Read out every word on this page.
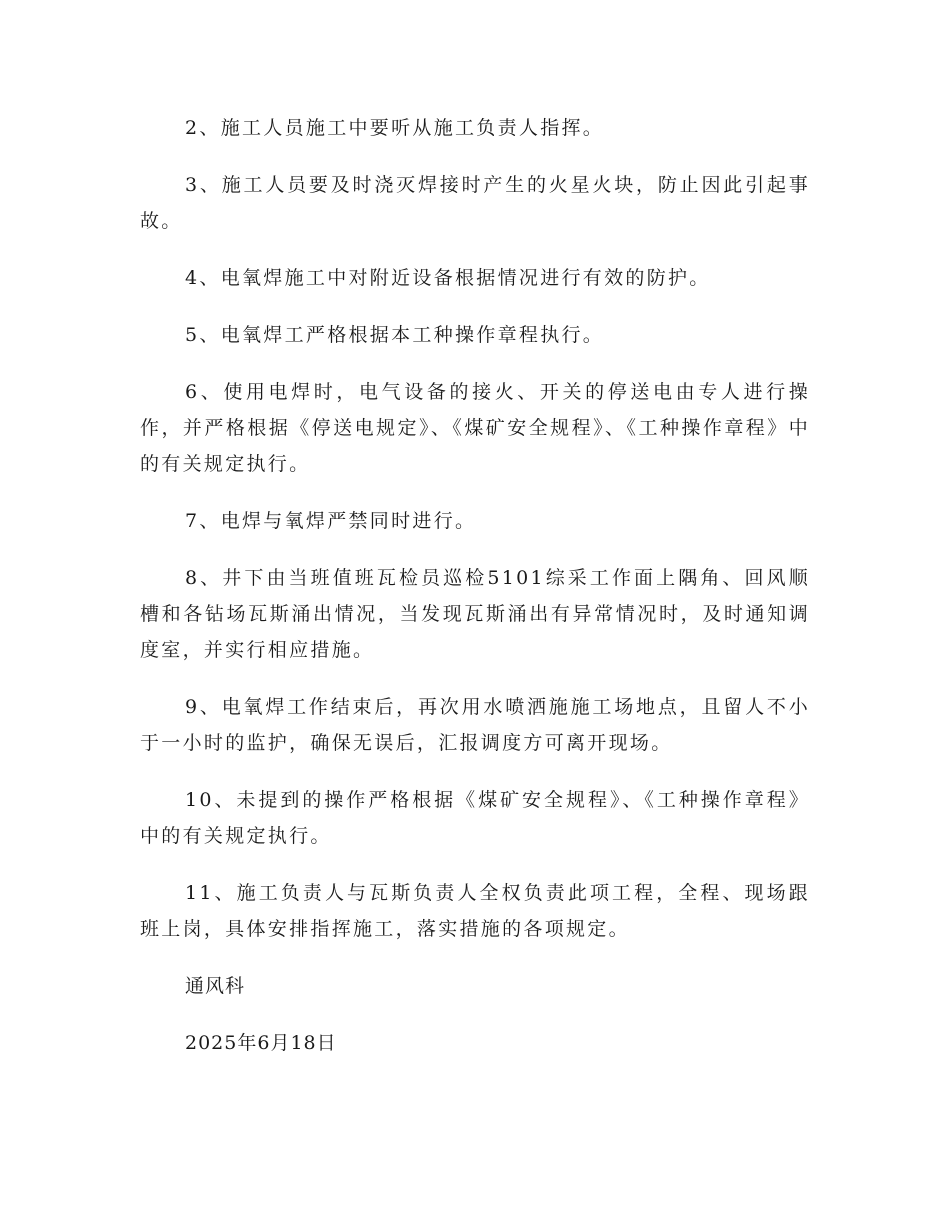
2、施工人员施工中要听从施工负责人指挥。

3、施工人员要及时浇灭焊接时产生的火星火块，防止因此引起事故。

4、电氧焊施工中对附近设备根据情况进行有效的防护。

5、电氧焊工严格根据本工种操作章程执行。

6、使用电焊时，电气设备的接火、开关的停送电由专人进行操作，并严格根据《停送电规定》、《煤矿安全规程》、《工种操作章程》中的有关规定执行。

7、电焊与氧焊严禁同时进行。

8、井下由当班值班瓦检员巡检5101综采工作面上隅角、回风顺槽和各钻场瓦斯涌出情况，当发现瓦斯涌出有异常情况时，及时通知调度室，并实行相应措施。

9、电氧焊工作结束后，再次用水喷洒施施工场地点，且留人不小于一小时的监护，确保无误后，汇报调度方可离开现场。

10、未提到的操作严格根据《煤矿安全规程》、《工种操作章程》中的有关规定执行。

11、施工负责人与瓦斯负责人全权负责此项工程，全程、现场跟班上岗，具体安排指挥施工，落实措施的各项规定。

通风科

2025年6月18日
